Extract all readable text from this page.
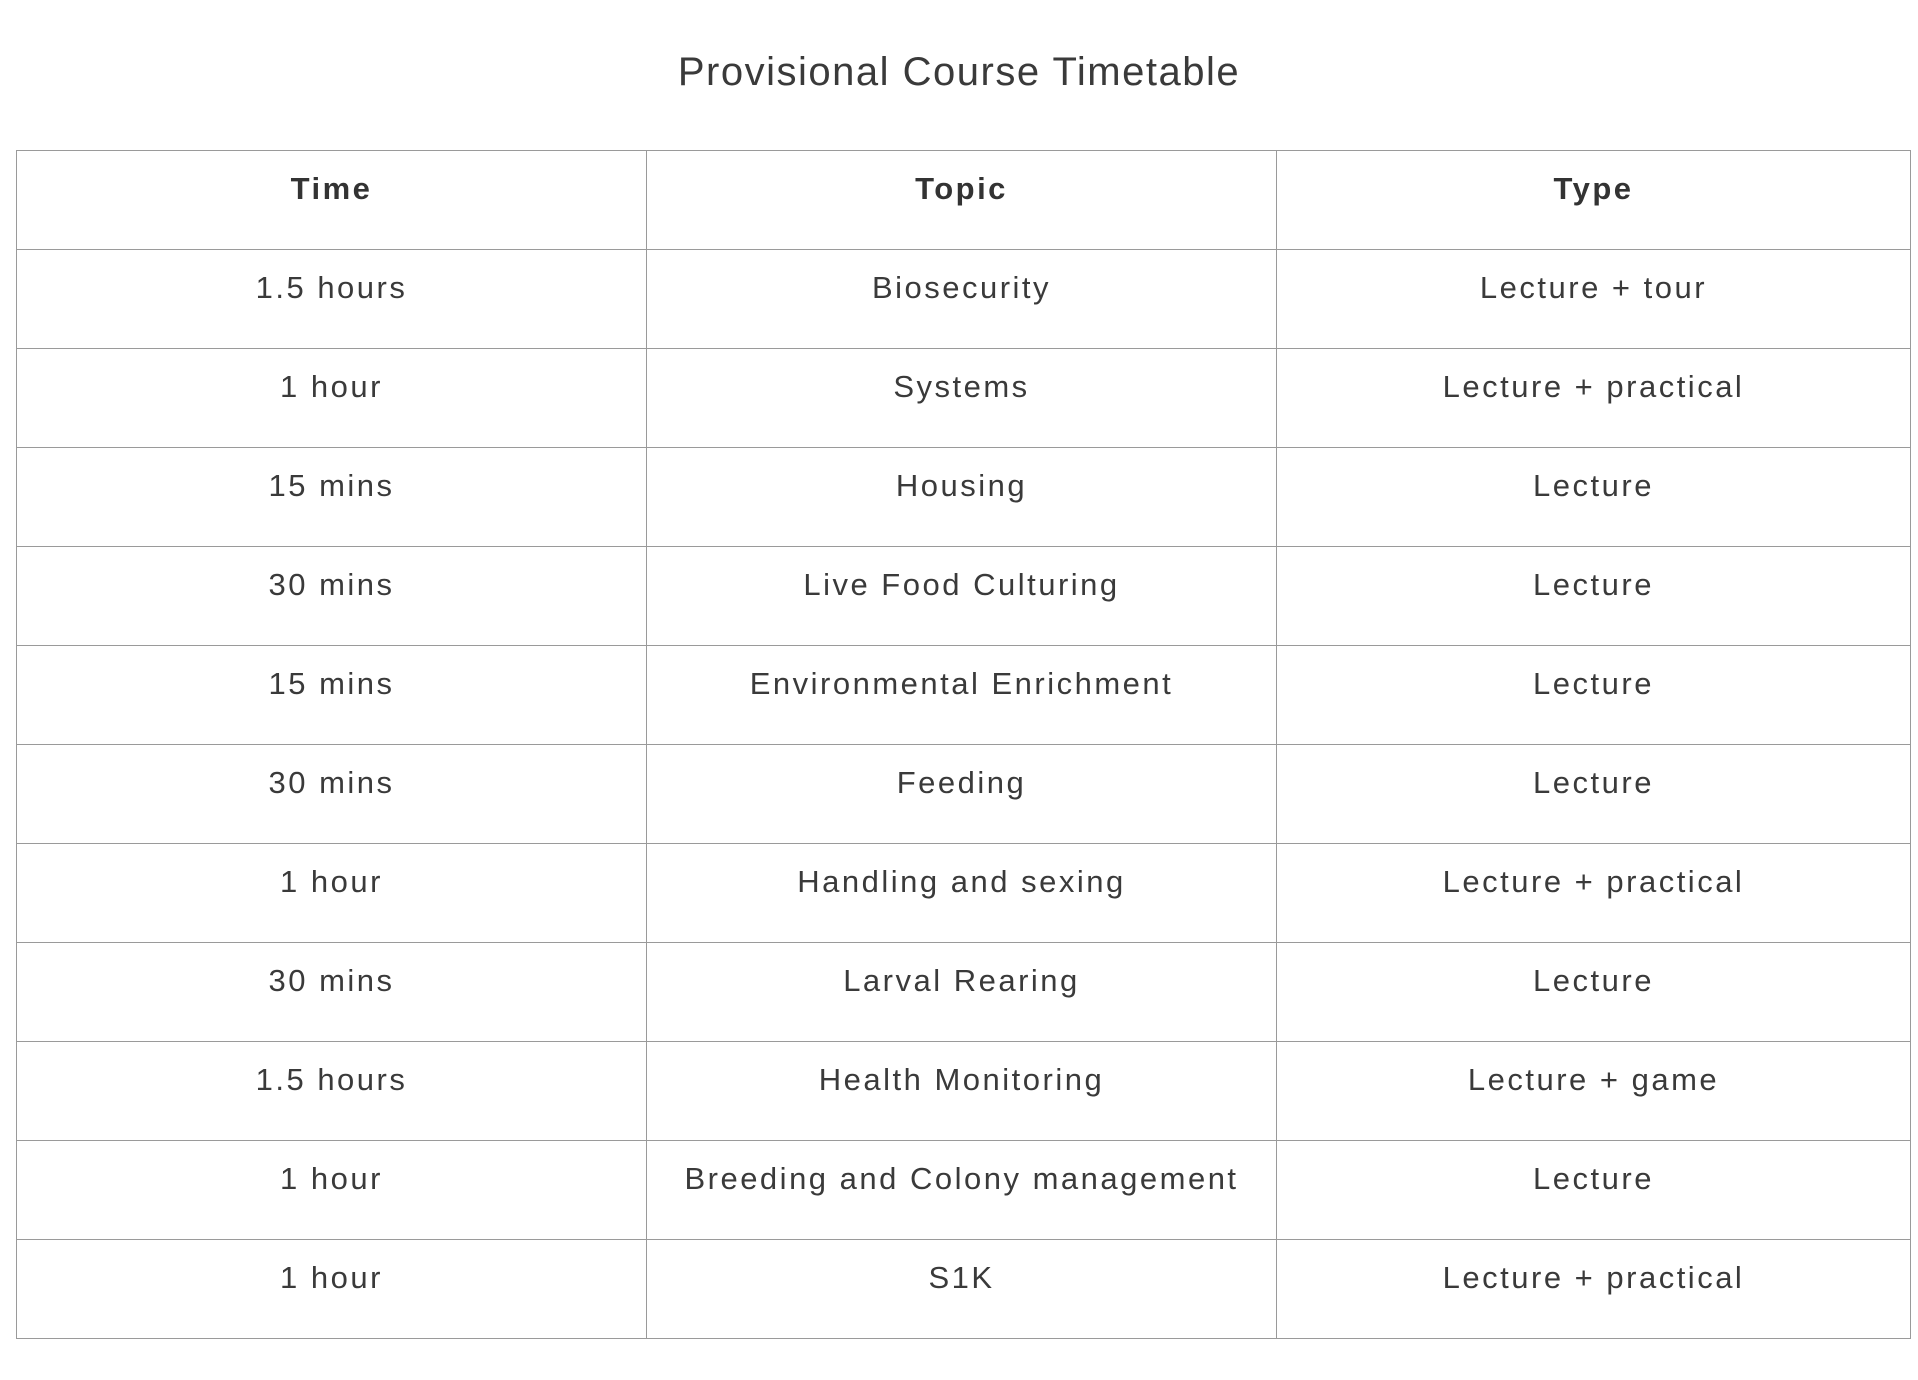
Provisional Course Timetable
Time	Topic	Type
1.5 hours	Biosecurity	Lecture + tour
1 hour	Systems	Lecture + practical
15 mins	Housing	Lecture
30 mins	Live Food Culturing	Lecture
15 mins	Environmental Enrichment	Lecture
30 mins	Feeding	Lecture
1 hour	Handling and sexing	Lecture + practical
30 mins	Larval Rearing	Lecture
1.5 hours	Health Monitoring	Lecture + game
1 hour	Breeding and Colony management	Lecture
1 hour	S1K	Lecture + practical
